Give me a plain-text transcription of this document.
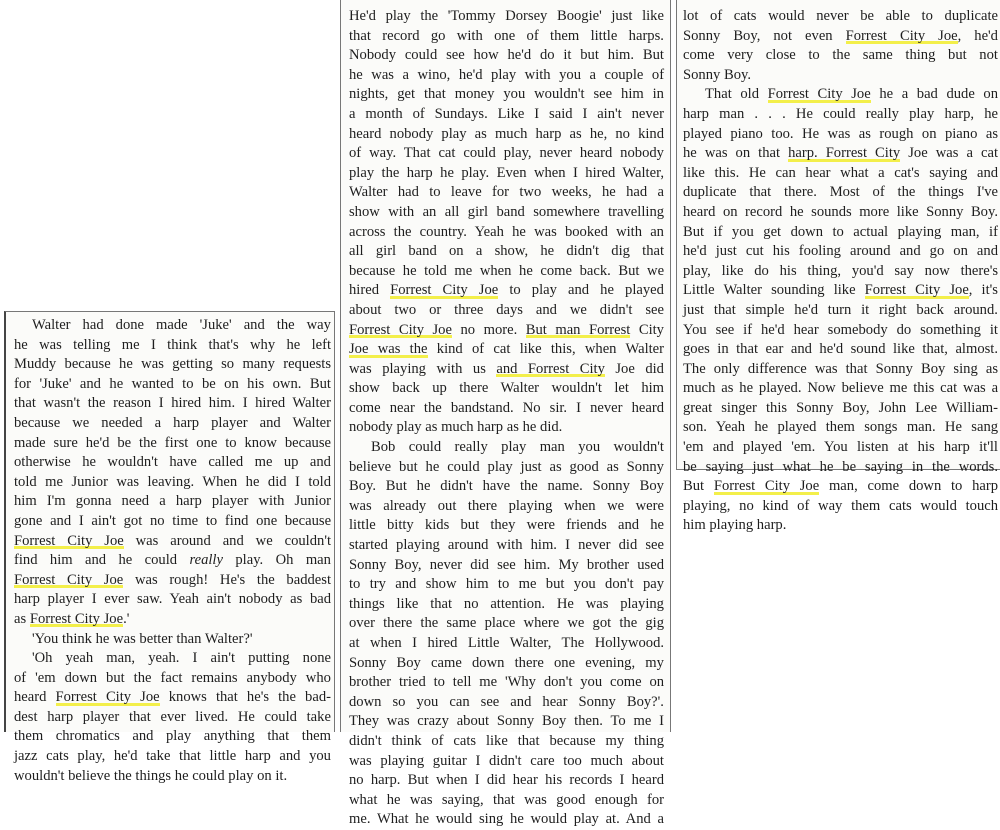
Walter had done made 'Juke' and the way

he was telling me I think that's why he left

Muddy because he was getting so many requests

for 'Juke' and he wanted to be on his own. But

that wasn't the reason I hired him. I hired Walter

because we needed a harp player and Walter

made sure he'd be the first one to know because

otherwise he wouldn't have called me up and

told me Junior was leaving. When he did I told

him I'm gonna need a harp player with Junior

gone and I ain't got no time to find one because

Forrest City Joe was around and we couldn't

find him and he could really play. Oh man

Forrest City Joe was rough! He's the baddest

harp player I ever saw. Yeah ain't nobody as bad

as Forrest City Joe.'

'You think he was better than Walter?'

'Oh yeah man, yeah. I ain't putting none

of 'em down but the fact remains anybody who

heard Forrest City Joe knows that he's the bad-

dest harp player that ever lived. He could take

them chromatics and play anything that them

jazz cats play, he'd take that little harp and you

wouldn't believe the things he could play on it.

He'd play the 'Tommy Dorsey Boogie' just like

that record go with one of them little harps.

Nobody could see how he'd do it but him. But

he was a wino, he'd play with you a couple of

nights, get that money you wouldn't see him in

a month of Sundays. Like I said I ain't never

heard nobody play as much harp as he, no kind

of way. That cat could play, never heard nobody

play the harp he play. Even when I hired Walter,

Walter had to leave for two weeks, he had a

show with an all girl band somewhere travelling

across the country. Yeah he was booked with an

all girl band on a show, he didn't dig that

because he told me when he come back. But we

hired Forrest City Joe to play and he played

about two or three days and we didn't see

Forrest City Joe no more. But man Forrest City

Joe was the kind of cat like this, when Walter

was playing with us and Forrest City Joe did

show back up there Walter wouldn't let him

come near the bandstand. No sir. I never heard

nobody play as much harp as he did.

Bob could really play man you wouldn't

believe but he could play just as good as Sonny

Boy. But he didn't have the name. Sonny Boy

was already out there playing when we were

little bitty kids but they were friends and he

started playing around with him. I never did see

Sonny Boy, never did see him. My brother used

to try and show him to me but you don't pay

things like that no attention. He was playing

over there the same place where we got the gig

at when I hired Little Walter, The Hollywood.

Sonny Boy came down there one evening, my

brother tried to tell me 'Why don't you come on

down so you can see and hear Sonny Boy?'.

They was crazy about Sonny Boy then. To me I

didn't think of cats like that because my thing

was playing guitar I didn't care too much about

no harp. But when I did hear his records I heard

what he was saying, that was good enough for

me. What he would sing he would play at. And a

lot of cats would never be able to duplicate

Sonny Boy, not even Forrest City Joe, he'd

come very close to the same thing but not

Sonny Boy.

That old Forrest City Joe he a bad dude on

harp man . . . He could really play harp, he

played piano too. He was as rough on piano as

he was on that harp. Forrest City Joe was a cat

like this. He can hear what a cat's saying and

duplicate that there. Most of the things I've

heard on record he sounds more like Sonny Boy.

But if you get down to actual playing man, if

he'd just cut his fooling around and go on and

play, like do his thing, you'd say now there's

Little Walter sounding like Forrest City Joe, it's

just that simple he'd turn it right back around.

You see if he'd hear somebody do something it

goes in that ear and he'd sound like that, almost.

The only difference was that Sonny Boy sing as

much as he played. Now believe me this cat was a

great singer this Sonny Boy, John Lee William-

son. Yeah he played them songs man. He sang

'em and played 'em. You listen at his harp it'll

be saying just what he be saying in the words.

But Forrest City Joe man, come down to harp

playing, no kind of way them cats would touch

him playing harp.
